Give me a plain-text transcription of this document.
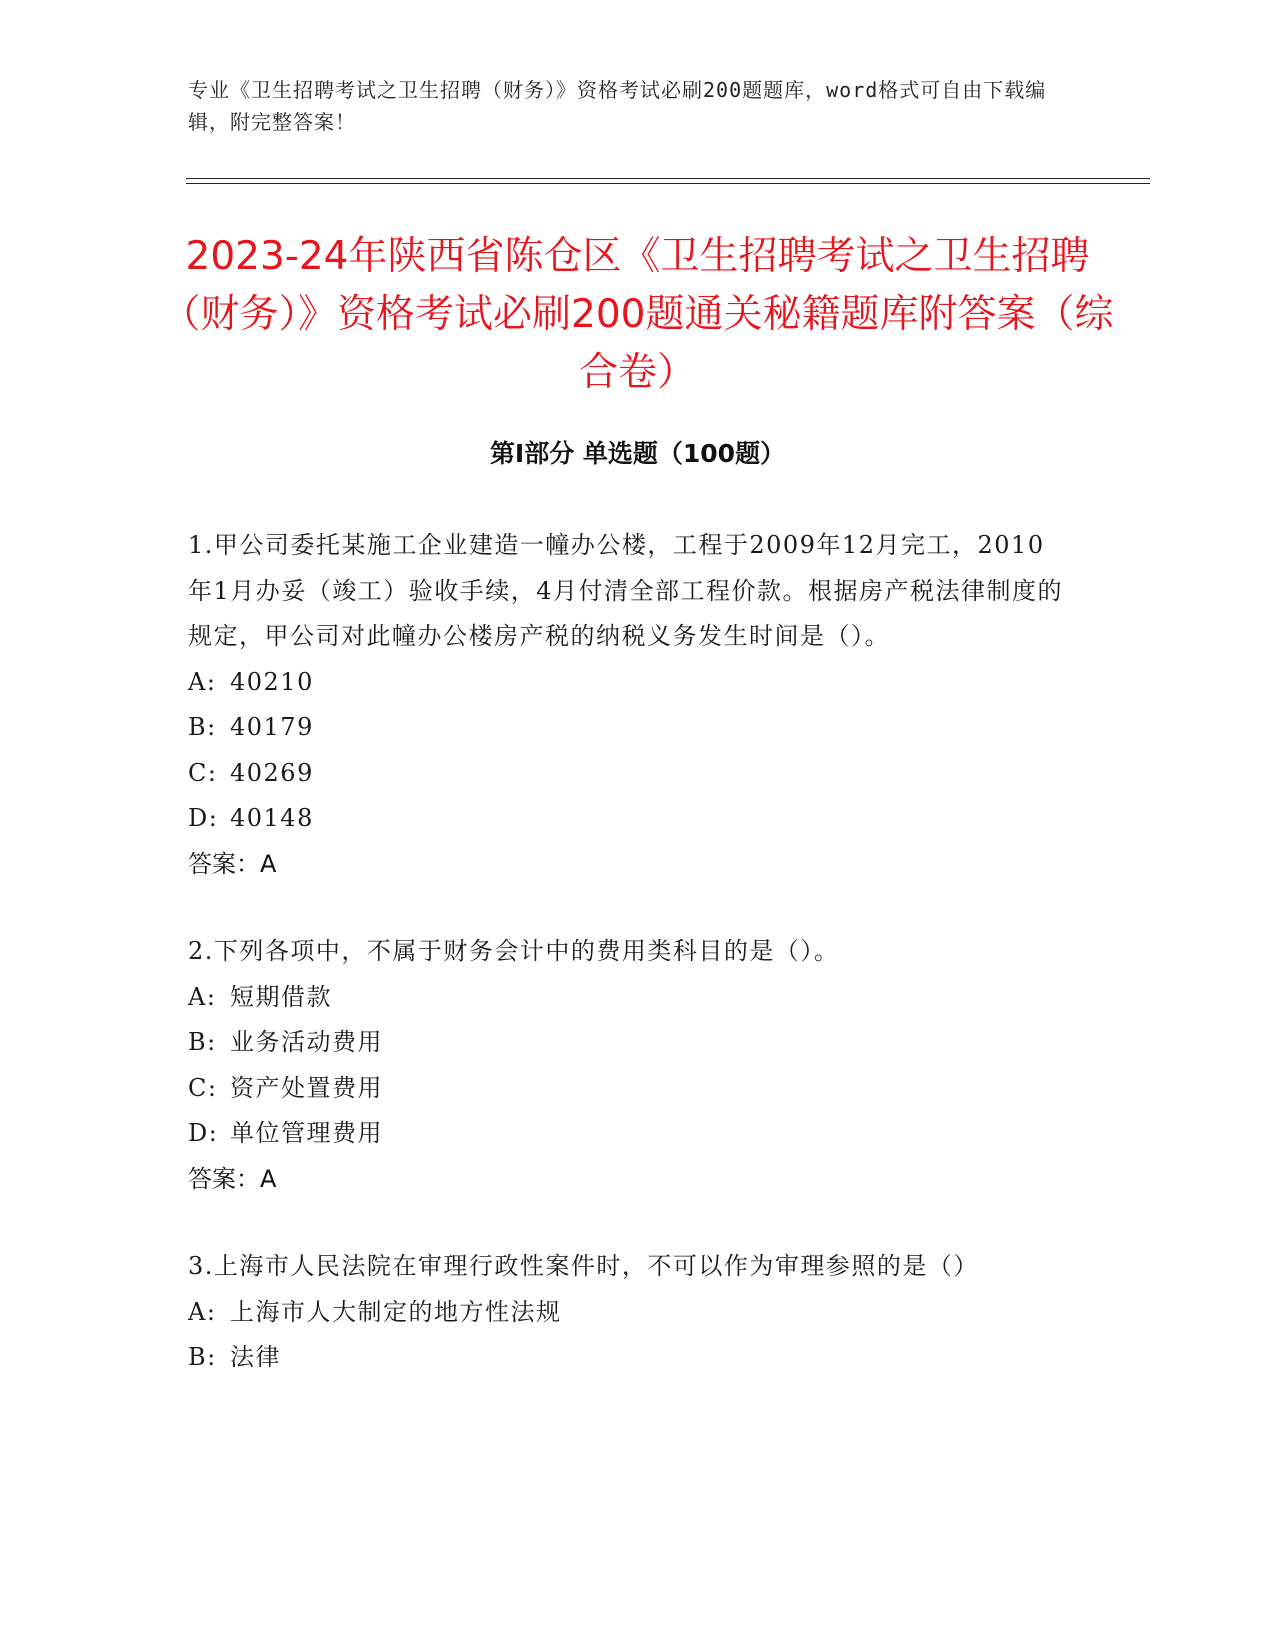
专业《卫生招聘考试之卫生招聘（财务）》资格考试必刷200题题库，word格式可自由下载编辑，附完整答案！
2023-24年陕西省陈仓区《卫生招聘考试之卫生招聘（财务）》资格考试必刷200题通关秘籍题库附答案（综合卷）
第Ⅰ部分 单选题（100题）

1.甲公司委托某施工企业建造一幢办公楼，工程于2009年12月完工，2010年1月办妥（竣工）验收手续，4月付清全部工程价款。根据房产税法律制度的规定，甲公司对此幢办公楼房产税的纳税义务发生时间是（）。

A: 40210

B: 40179

C: 40269

D: 40148

答案：A

2.下列各项中，不属于财务会计中的费用类科目的是（）。

A: 短期借款

B: 业务活动费用

C: 资产处置费用

D: 单位管理费用

答案：A

3.上海市人民法院在审理行政性案件时，不可以作为审理参照的是（）

A: 上海市人大制定的地方性法规

B: 法律
